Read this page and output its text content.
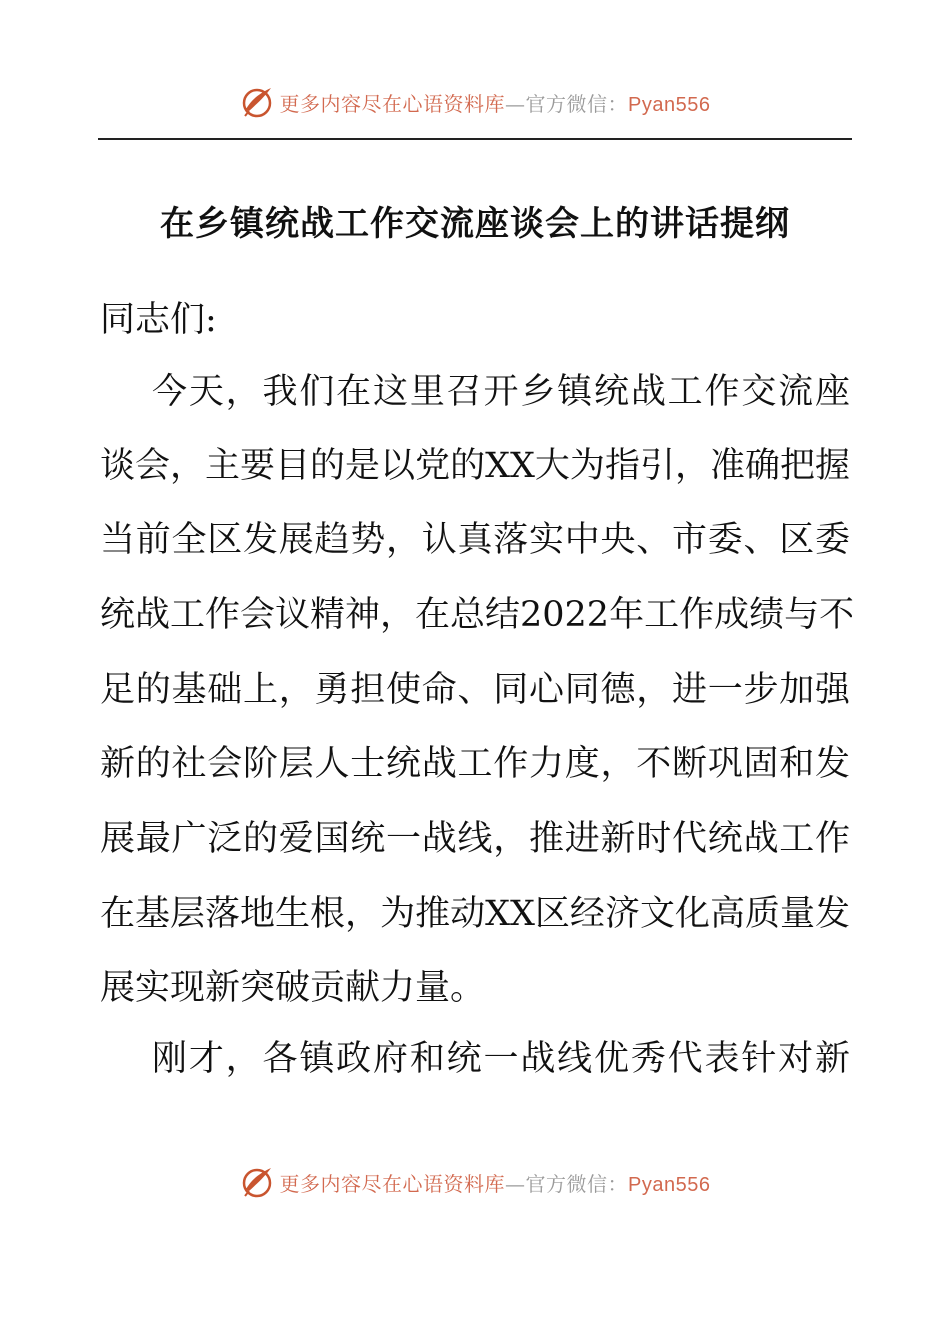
更多内容尽在心语资料库—官方微信：Pyan556
在乡镇统战工作交流座谈会上的讲话提纲
同志们:
今天，我们在这里召开乡镇统战工作交流座
谈会，主要目的是以党的XX大为指引，准确把握
当前全区发展趋势，认真落实中央、市委、区委
统战工作会议精神，在总结2022年工作成绩与不
足的基础上，勇担使命、同心同德，进一步加强
新的社会阶层人士统战工作力度，不断巩固和发
展最广泛的爱国统一战线，推进新时代统战工作
在基层落地生根，为推动XX区经济文化高质量发
展实现新突破贡献力量。
刚才，各镇政府和统一战线优秀代表针对新
更多内容尽在心语资料库—官方微信：Pyan556
